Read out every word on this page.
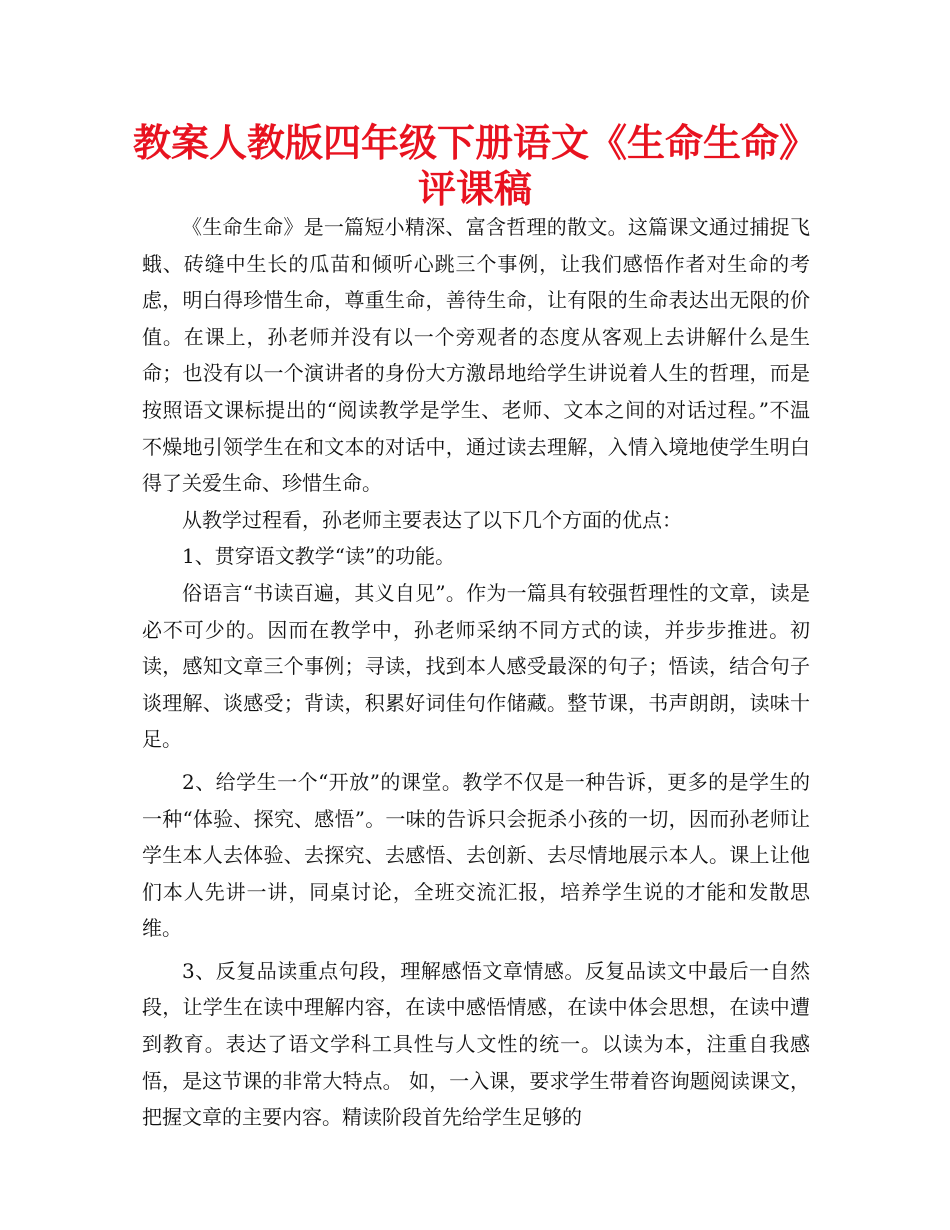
教案人教版四年级下册语文《生命生命》
评课稿

《生命生命》是一篇短小精深、富含哲理的散文。这篇课文通过捕捉飞蛾、砖缝中生长的瓜苗和倾听心跳三个事例，让我们感悟作者对生命的考虑，明白得珍惜生命，尊重生命，善待生命，让有限的生命表达出无限的价值。在课上，孙老师并没有以一个旁观者的态度从客观上去讲解什么是生命；也没有以一个演讲者的身份大方激昂地给学生讲说着人生的哲理，而是按照语文课标提出的“阅读教学是学生、老师、文本之间的对话过程。”不温不燥地引领学生在和文本的对话中，通过读去理解，入情入境地使学生明白得了关爱生命、珍惜生命。

从教学过程看，孙老师主要表达了以下几个方面的优点：

1、贯穿语文教学“读”的功能。

俗语言“书读百遍，其义自见”。作为一篇具有较强哲理性的文章，读是必不可少的。因而在教学中，孙老师采纳不同方式的读，并步步推进。初读，感知文章三个事例；寻读，找到本人感受最深的句子；悟读，结合句子谈理解、谈感受；背读，积累好词佳句作储藏。整节课，书声朗朗，读味十足。

2、给学生一个“开放”的课堂。教学不仅是一种告诉，更多的是学生的一种“体验、探究、感悟”。一味的告诉只会扼杀小孩的一切，因而孙老师让学生本人去体验、去探究、去感悟、去创新、去尽情地展示本人。课上让他们本人先讲一讲，同桌讨论，全班交流汇报，培养学生说的才能和发散思维。

3、反复品读重点句段，理解感悟文章情感。反复品读文中最后一自然段，让学生在读中理解内容，在读中感悟情感，在读中体会思想，在读中遭到教育。表达了语文学科工具性与人文性的统一。以读为本，注重自我感悟，是这节课的非常大特点。 如，一入课，要求学生带着咨询题阅读课文，把握文章的主要内容。精读阶段首先给学生足够的
